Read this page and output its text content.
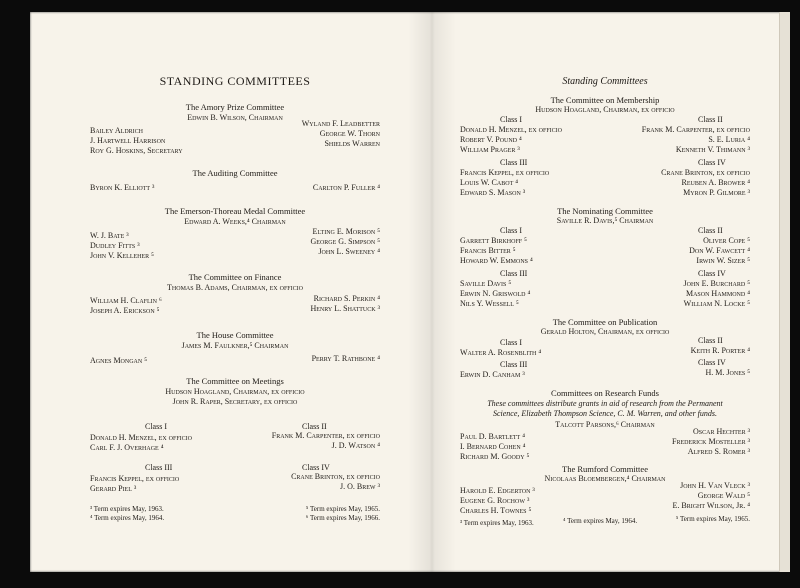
STANDING COMMITTEES
The Amory Prize Committee
Edwin B. Wilson, Chairman
Bailey Aldrich
J. Hartwell Harrison
Roy G. Hoskins, Secretary
Wyland F. Leadbetter
George W. Thorn
Shields Warren
The Auditing Committee
Byron K. Elliott ³	Carlton P. Fuller ⁴
The Emerson-Thoreau Medal Committee
Edward A. Weeks,⁴ Chairman
W. J. Bate ³
Dudley Fitts ³
John V. Kelleher ⁵
Elting E. Morison ⁵
George G. Simpson ⁵
John L. Sweeney ⁴
The Committee on Finance
Thomas B. Adams, Chairman, ex officio
William H. Claflin ⁶
Joseph A. Erickson ⁵
Richard S. Perkin ⁴
Henry L. Shattuck ³
The House Committee
James M. Faulkner,⁵ Chairman
Agnes Mongan ⁵	Perry T. Rathbone ⁴
The Committee on Meetings
Hudson Hoagland, Chairman, ex officio
John R. Raper, Secretary, ex officio
Class I
Donald H. Menzel, ex officio
Carl F. J. Overhage ⁴
Class II
Frank M. Carpenter, ex officio
J. D. Watson ⁴
Class III
Francis Keppel, ex officio
Gerard Piel ³
Class IV
Crane Brinton, ex officio
J. O. Brew ³
³ Term expires May, 1963.
⁴ Term expires May, 1964.
⁵ Term expires May, 1965.
⁶ Term expires May, 1966.
Standing Committees
The Committee on Membership
Hudson Hoagland, Chairman, ex officio
Class I
Donald H. Menzel, ex officio
Robert V. Pound ⁴
William Prager ³
Class II
Frank M. Carpenter, ex officio
S. E. Luria ⁴
Kenneth V. Thimann ³
Class III
Francis Keppel, ex officio
Louis W. Cabot ⁴
Edward S. Mason ³
Class IV
Crane Brinton, ex officio
Reuben A. Brower ⁴
Myron P. Gilmore ³
The Nominating Committee
Saville R. Davis,⁵ Chairman
Class I
Garrett Birkhoff ⁵
Francis Bitter ⁵
Howard W. Emmons ⁴
Class II
Oliver Cope ⁵
Don W. Fawcett ⁴
Irwin W. Sizer ⁵
Class III
Saville Davis ⁵
Erwin N. Griswold ⁴
Nils Y. Wessell ⁵
Class IV
John E. Burchard ⁵
Mason Hammond ⁴
William N. Locke ⁵
The Committee on Publication
Gerald Holton, Chairman, ex officio
Class I
Walter A. Rosenblith ⁴
Class II
Keith R. Porter ⁴
Class III
Erwin D. Canham ³
Class IV
H. M. Jones ⁵
Committees on Research Funds
These committees distribute grants in aid of research from the Permanent
Science, Elizabeth Thompson Science, C. M. Warren, and other funds.
Talcott Parsons,⁶ Chairman
Paul D. Bartlett ⁴
I. Bernard Cohen ⁴
Richard M. Goody ⁵
Oscar Hechter ³
Frederick Mosteller ³
Alfred S. Romer ³
The Rumford Committee
Nicolaas Bloembergen,⁴ Chairman
Harold E. Edgerton ³
Eugene G. Rochow ³
Charles H. Townes ⁵
John H. Van Vleck ³
George Wald ⁵
E. Bright Wilson, Jr. ⁴
³ Term expires May, 1963.	⁴ Term expires May, 1964.	⁵ Term expires May, 1965.
